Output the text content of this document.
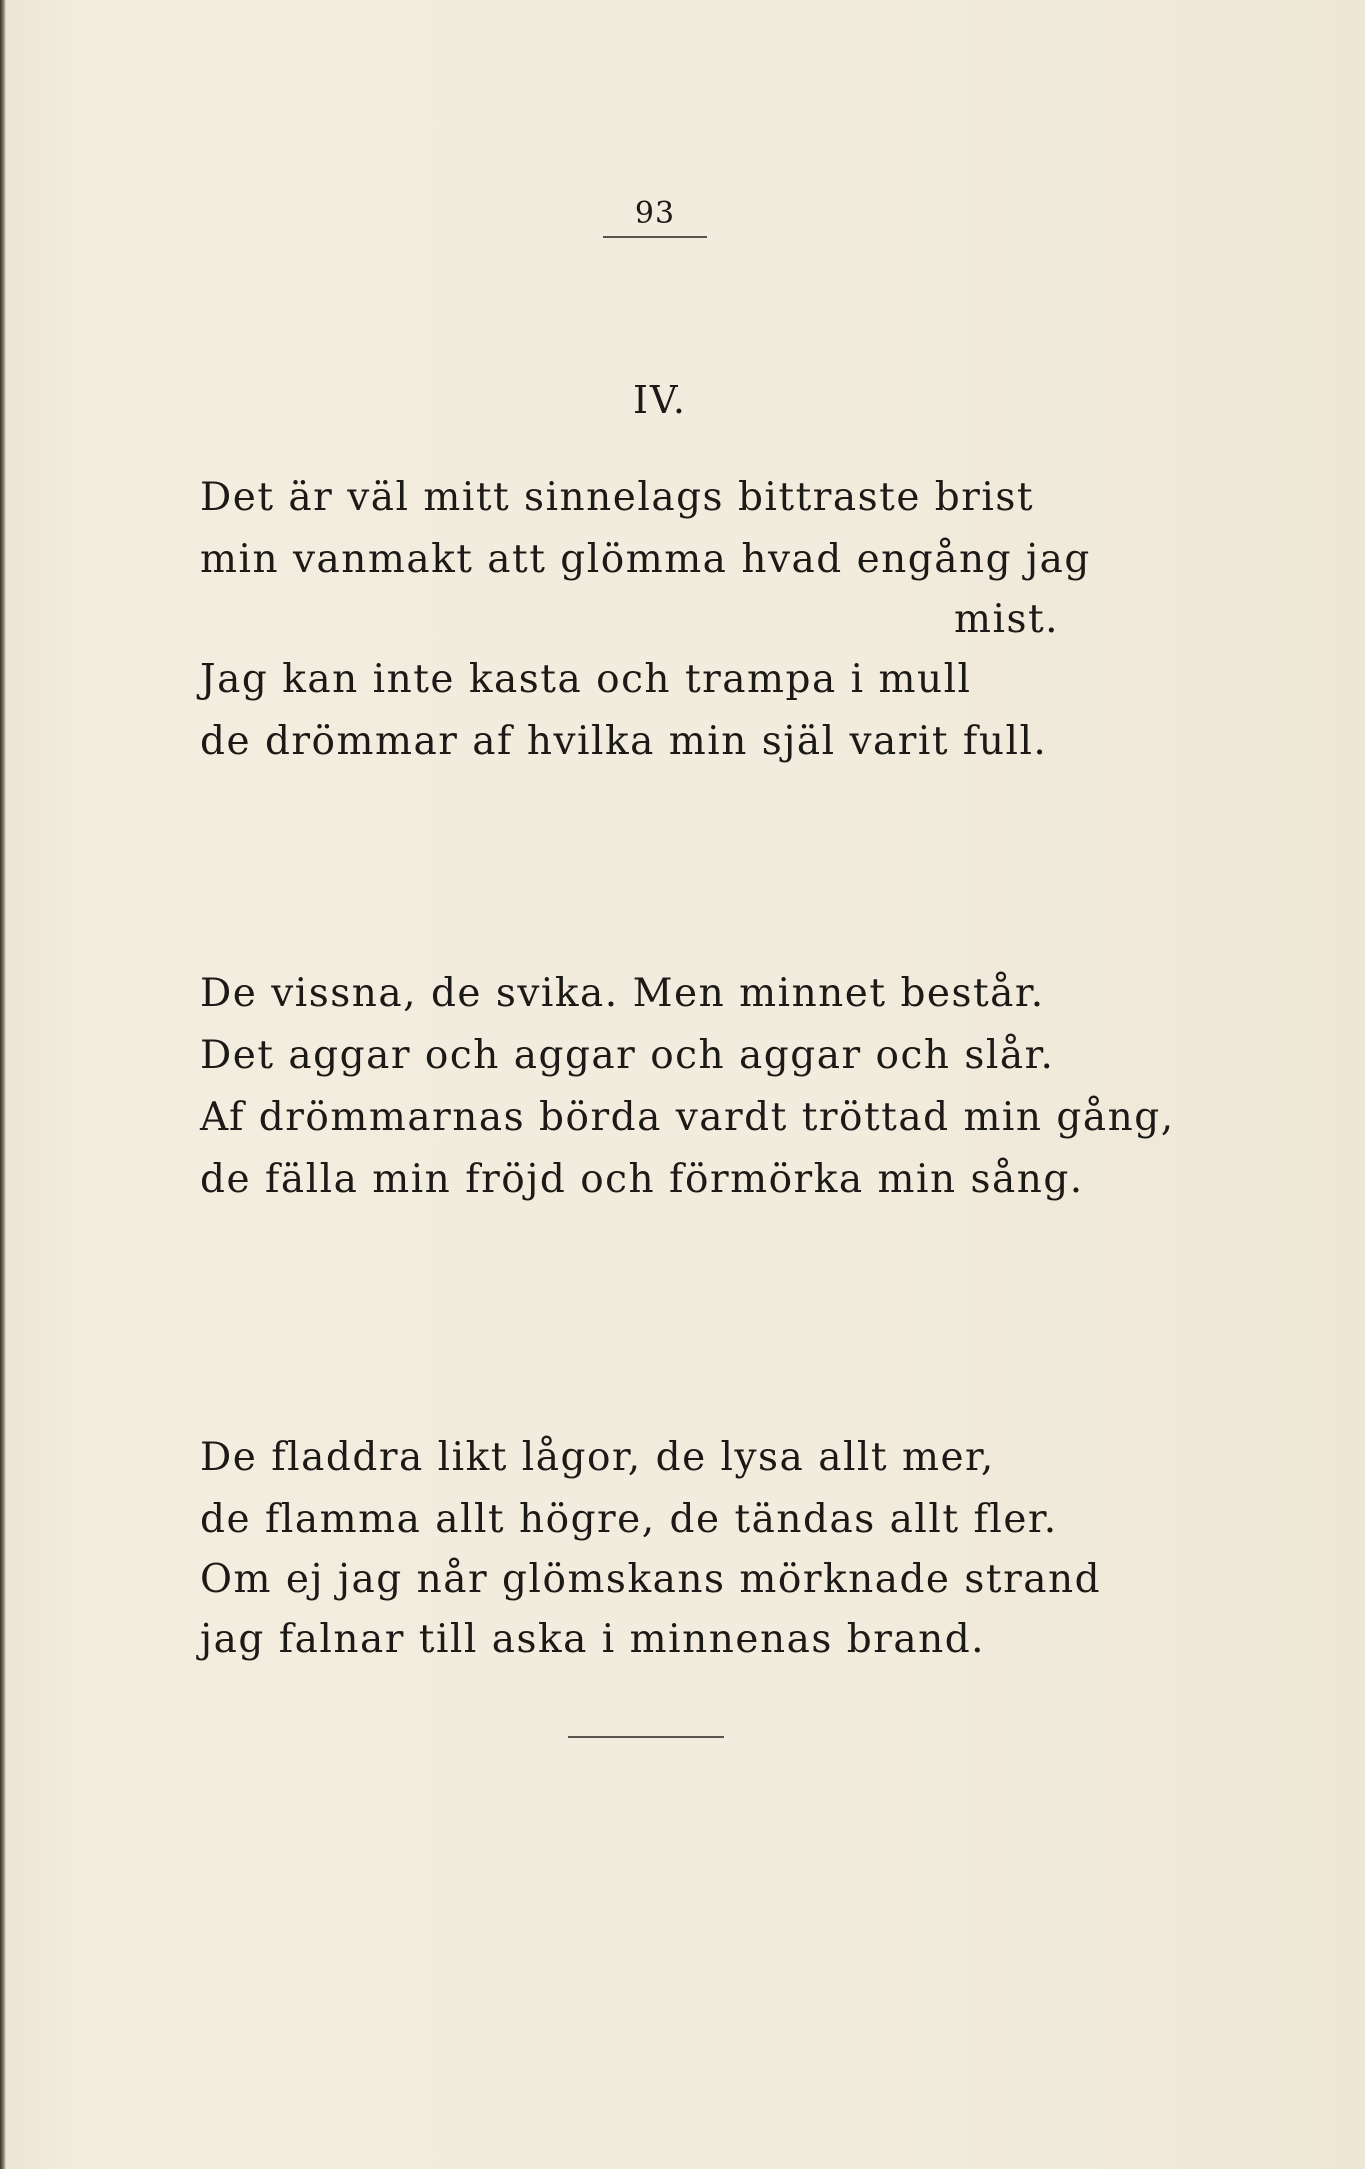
93
IV.
Det är väl mitt sinnelags bittraste brist
min vanmakt att glömma hvad engång jag
mist.
Jag kan inte kasta och trampa i mull
de drömmar af hvilka min själ varit full.
De vissna, de svika. Men minnet består.
Det aggar och aggar och aggar och slår.
Af drömmarnas börda vardt tröttad min gång,
de fälla min fröjd och förmörka min sång.
De fladdra likt lågor, de lysa allt mer,
de flamma allt högre, de tändas allt fler.
Om ej jag når glömskans mörknade strand
jag falnar till aska i minnenas brand.
